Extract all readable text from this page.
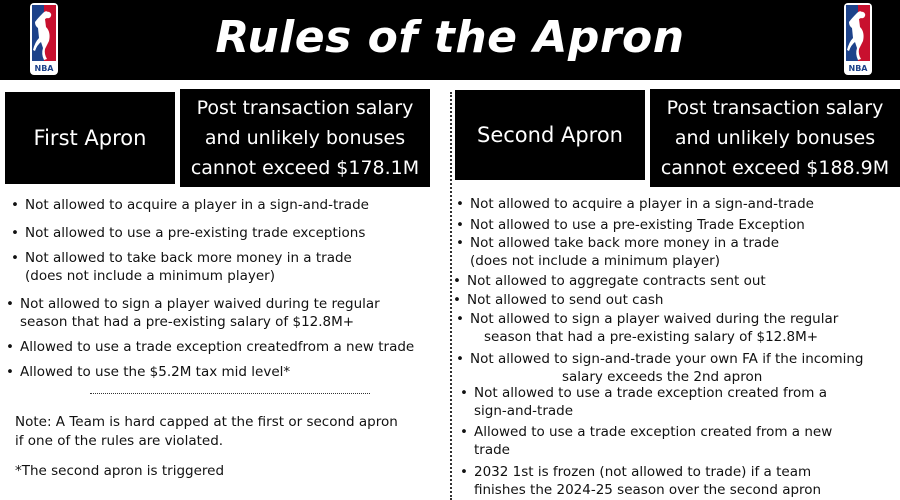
NBA
Rules of the Apron
NBA
First Apron
Post transaction salary
and unlikely bonuses
cannot exceed $178.1M
Second Apron
Post transaction salary
and unlikely bonuses
cannot exceed $188.9M
• Not allowed to acquire a player in a sign-and-trade
• Not allowed to use a pre-existing trade exceptions
• Not allowed to take back more money in a trade
(does not include a minimum player)
• Not allowed to sign a player waived during te regular
season that had a pre-existing salary of $12.8M+
• Allowed to use a trade exception createdfrom a new trade
• Allowed to use the $5.2M tax mid level*
Note: A Team is hard capped at the first or second apron
if one of the rules are violated.
*The second apron is triggered
• Not allowed to acquire a player in a sign-and-trade
• Not allowed to use a pre-existing Trade Exception
• Not allowed take back more money in a trade
(does not include a minimum player)
• Not allowed to aggregate contracts sent out
• Not allowed to send out cash
• Not allowed to sign a player waived during the regular
season that had a pre-existing salary of $12.8M+
• Not allowed to sign-and-trade your own FA if the incoming
salary exceeds the 2nd apron
• Not allowed to use a trade exception created from a
sign-and-trade
• Allowed to use a trade exception created from a new
trade
• 2032 1st is frozen (not allowed to trade) if a team
finishes the 2024-25 season over the second apron
